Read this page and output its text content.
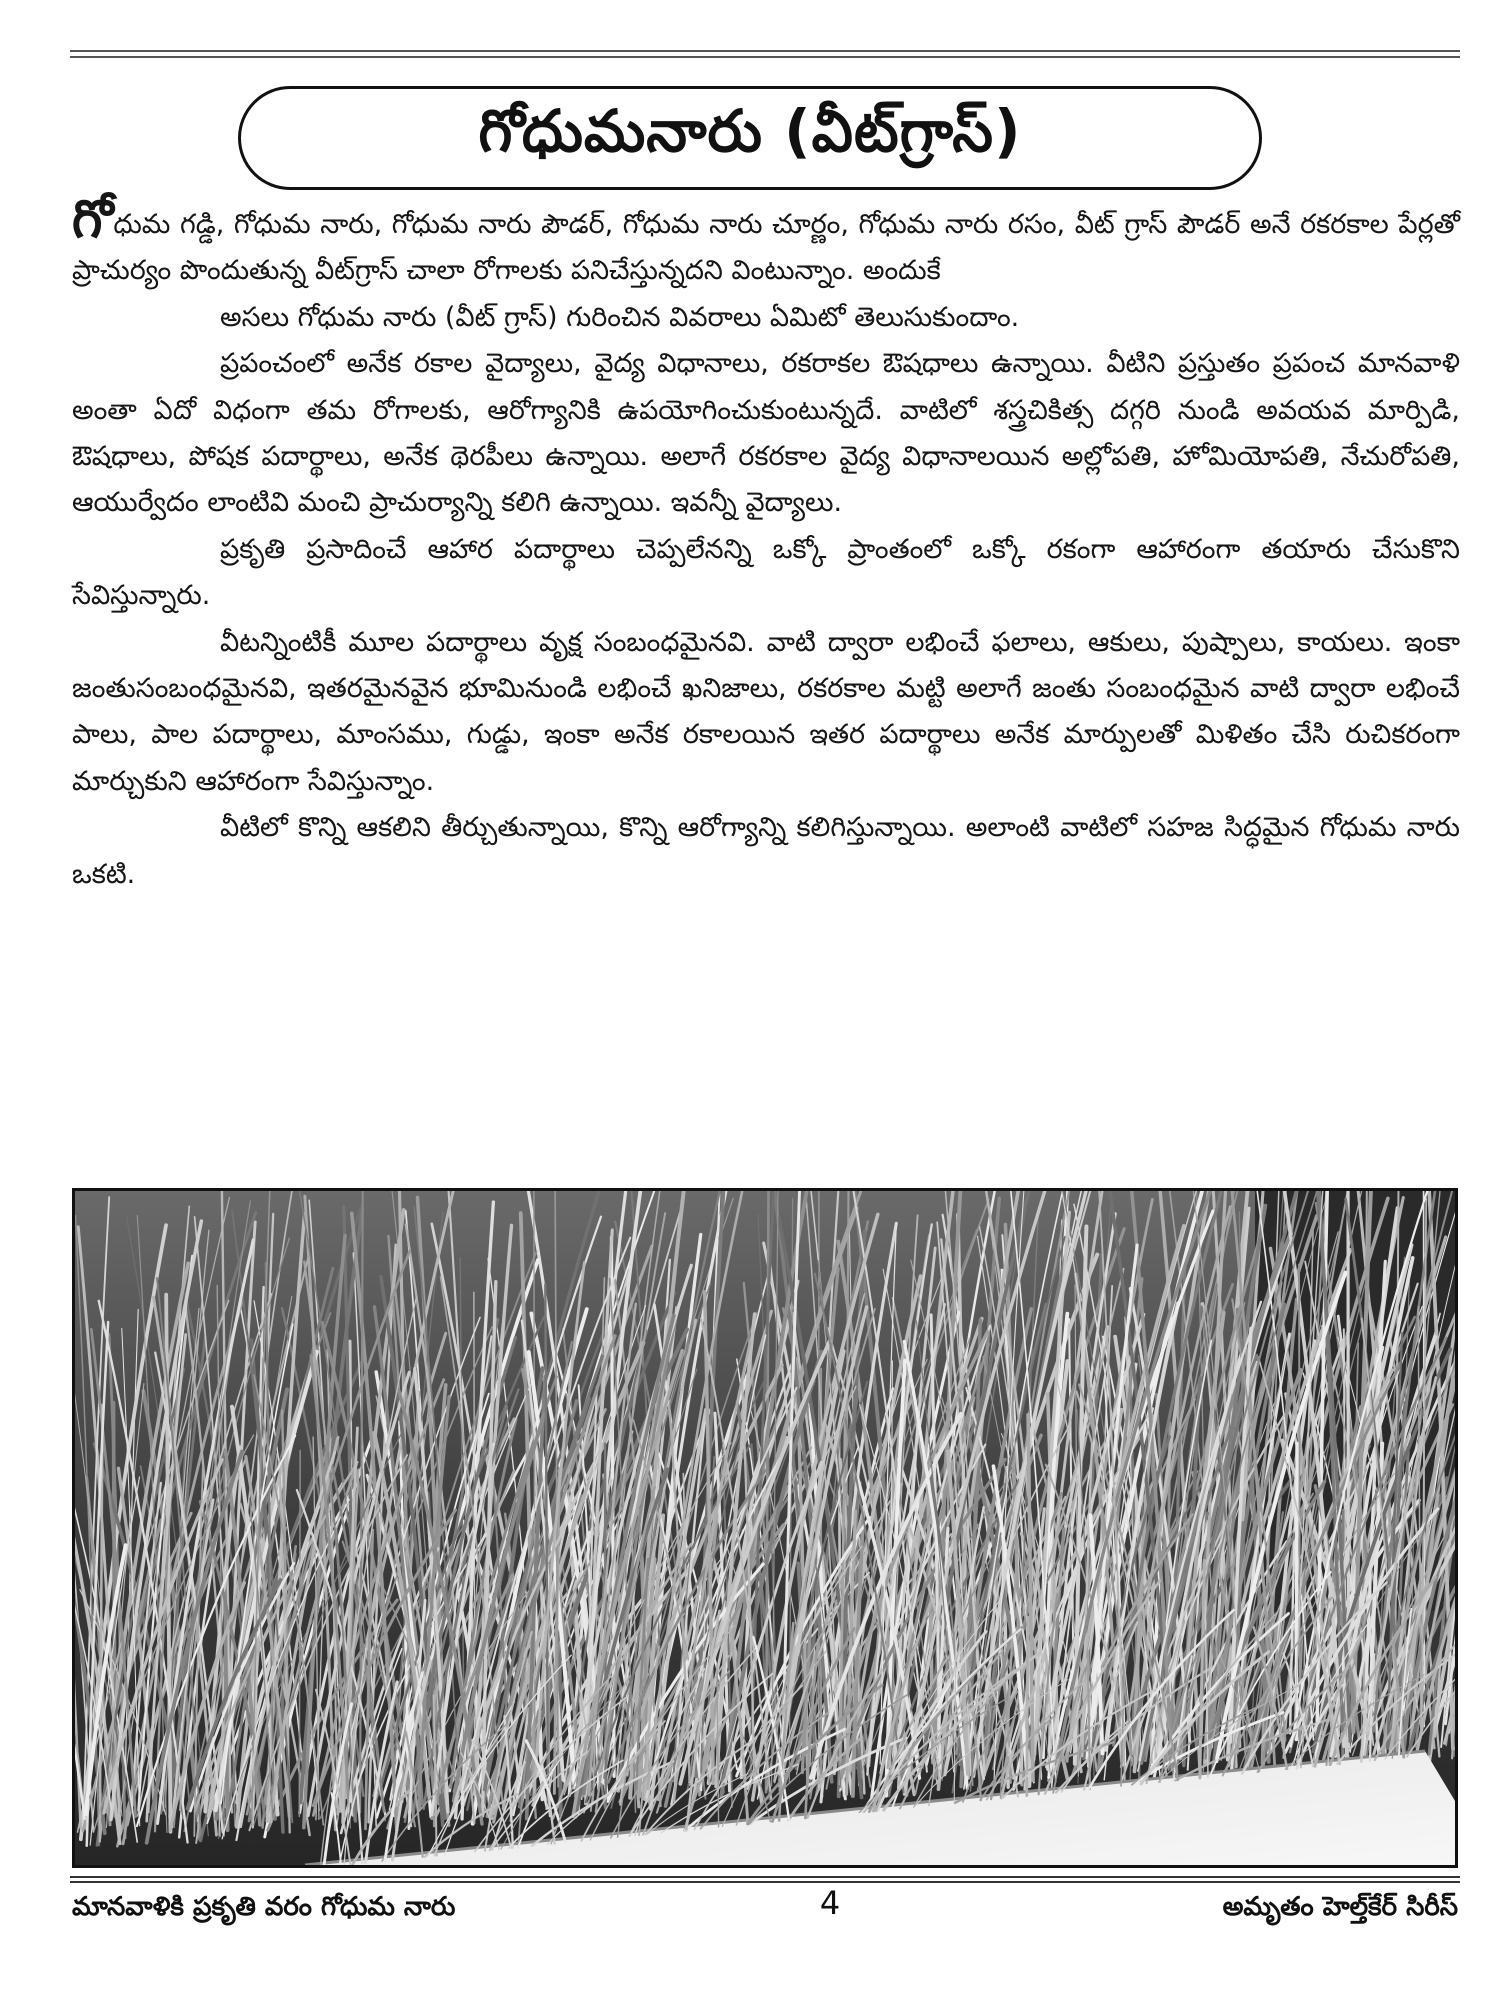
గోధుమనారు (వీట్‌గ్రాస్)

గోధుమ గడ్డి, గోధుమ నారు, గోధుమ నారు పౌడర్, గోధుమ నారు చూర్ణం, గోధుమ నారు రసం, వీట్ గ్రాస్ పౌడర్ అనే రకరకాల పేర్లతో ప్రాచుర్యం పొందుతున్న వీట్‌గ్రాస్ చాలా రోగాలకు పనిచేస్తున్నదని వింటున్నాం. అందుకే

అసలు గోధుమ నారు (వీట్ గ్రాస్) గురించిన వివరాలు ఏమిటో తెలుసుకుందాం.

ప్రపంచంలో అనేక రకాల వైద్యాలు, వైద్య విధానాలు, రకరాకల ఔషధాలు ఉన్నాయి. వీటిని ప్రస్తుతం ప్రపంచ మానవాళి అంతా ఏదో విధంగా తమ రోగాలకు, ఆరోగ్యానికి ఉపయోగించుకుంటున్నదే. వాటిలో శస్త్రచికిత్స దగ్గరి నుండి అవయవ మార్పిడి, ఔషధాలు, పోషక పదార్థాలు, అనేక థెరపీలు ఉన్నాయి. అలాగే రకరకాల వైద్య విధానాలయిన అల్లోపతి, హోమియోపతి, నేచురోపతి, ఆయుర్వేదం లాంటివి మంచి ప్రాచుర్యాన్ని కలిగి ఉన్నాయి. ఇవన్నీ వైద్యాలు.

ప్రకృతి ప్రసాదించే ఆహార పదార్థాలు చెప్పలేనన్ని ఒక్కో ప్రాంతంలో ఒక్కో రకంగా ఆహారంగా తయారు చేసుకొని సేవిస్తున్నారు.

వీటన్నింటికీ మూల పదార్థాలు వృక్ష సంబంధమైనవి. వాటి ద్వారా లభించే ఫలాలు, ఆకులు, పుష్పాలు, కాయలు. ఇంకా జంతుసంబంధమైనవి, ఇతరమైనవైన భూమినుండి లభించే ఖనిజాలు, రకరకాల మట్టి అలాగే జంతు సంబంధమైన వాటి ద్వారా లభించే పాలు, పాల పదార్థాలు, మాంసము, గుడ్డు, ఇంకా అనేక రకాలయిన ఇతర పదార్థాలు అనేక మార్పులతో మిళితం చేసి రుచికరంగా మార్చుకుని ఆహారంగా సేవిస్తున్నాం.

వీటిలో కొన్ని ఆకలిని తీర్చుతున్నాయి, కొన్ని ఆరోగ్యాన్ని కలిగిస్తున్నాయి. అలాంటి వాటిలో సహజ సిద్ధమైన గోధుమ నారు ఒకటి.

మానవాళికి ప్రకృతి వరం గోధుమ నారు	4	అమృతం హెల్త్‌కేర్ సిరీస్
